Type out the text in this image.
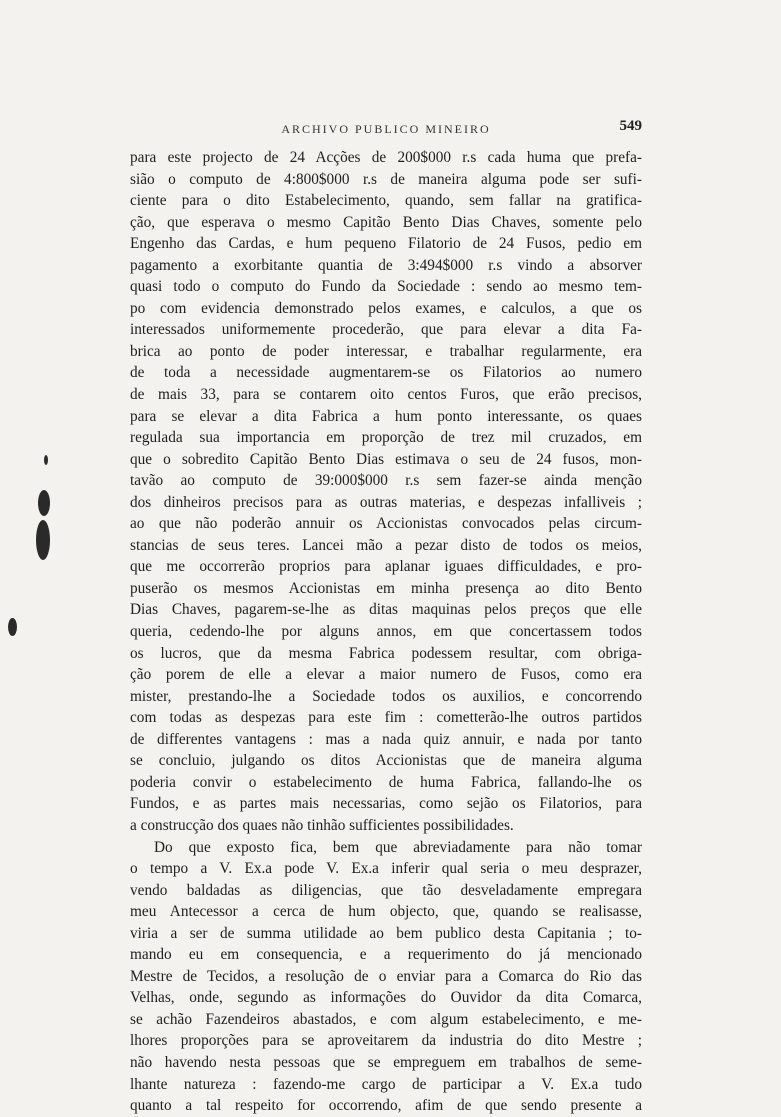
ARCHIVO PUBLICO MINEIRO	549
para este projecto de 24 Acções de 200$000 r.s cada huma que prefa-
sião o computo de 4:800$000 r.s de maneira alguma pode ser sufi-
ciente para o dito Estabelecimento, quando, sem fallar na gratifica-
ção, que esperava o mesmo Capitão Bento Dias Chaves, somente pelo
Engenho das Cardas, e hum pequeno Filatorio de 24 Fusos, pedio em
pagamento a exorbitante quantia de 3:494$000 r.s vindo a absorver
quasi todo o computo do Fundo da Sociedade : sendo ao mesmo tem-
po com evidencia demonstrado pelos exames, e calculos, a que os
interessados uniformemente procederão, que para elevar a dita Fa-
brica ao ponto de poder interessar, e trabalhar regularmente, era
de toda a necessidade augmentarem-se os Filatorios ao numero
de mais 33, para se contarem oito centos Furos, que erão precisos,
para se elevar a dita Fabrica a hum ponto interessante, os quaes
regulada sua importancia em proporção de trez mil cruzados, em
que o sobredito Capitão Bento Dias estimava o seu de 24 fusos, mon-
tavão ao computo de 39:000$000 r.s sem fazer-se ainda menção
dos dinheiros precisos para as outras materias, e despezas infalliveis ;
ao que não poderão annuir os Accionistas convocados pelas circum-
stancias de seus teres. Lancei mão a pezar disto de todos os meios,
que me occorrerão proprios para aplanar iguaes difficuldades, e pro-
puserão os mesmos Accionistas em minha presença ao dito Bento
Dias Chaves, pagarem-se-lhe as ditas maquinas pelos preços que elle
queria, cedendo-lhe por alguns annos, em que concertassem todos
os lucros, que da mesma Fabrica podessem resultar, com obriga-
ção porem de elle a elevar a maior numero de Fusos, como era
mister, prestando-lhe a Sociedade todos os auxilios, e concorrendo
com todas as despezas para este fim : cometterão-lhe outros partidos
de differentes vantagens : mas a nada quiz annuir, e nada por tanto
se concluio, julgando os ditos Accionistas que de maneira alguma
poderia convir o estabelecimento de huma Fabrica, fallando-lhe os
Fundos, e as partes mais necessarias, como sejão os Filatorios, para
a construcção dos quaes não tinhão sufficientes possibilidades.
Do que exposto fica, bem que abreviadamente para não tomar
o tempo a V. Ex.a pode V. Ex.a inferir qual seria o meu desprazer,
vendo baldadas as diligencias, que tão desveladamente empregara
meu Antecessor a cerca de hum objecto, que, quando se realisasse,
viria a ser de summa utilidade ao bem publico desta Capitania ; to-
mando eu em consequencia, e a requerimento do já mencionado
Mestre de Tecidos, a resolução de o enviar para a Comarca do Rio das
Velhas, onde, segundo as informações do Ouvidor da dita Comarca,
se achão Fazendeiros abastados, e com algum estabelecimento, e me-
lhores proporções para se aproveitarem da industria do dito Mestre ;
não havendo nesta pessoas que se empreguem em trabalhos de seme-
lhante natureza : fazendo-me cargo de participar a V. Ex.a tudo
quanto a tal respeito for occorrendo, afim de que sendo presente a
